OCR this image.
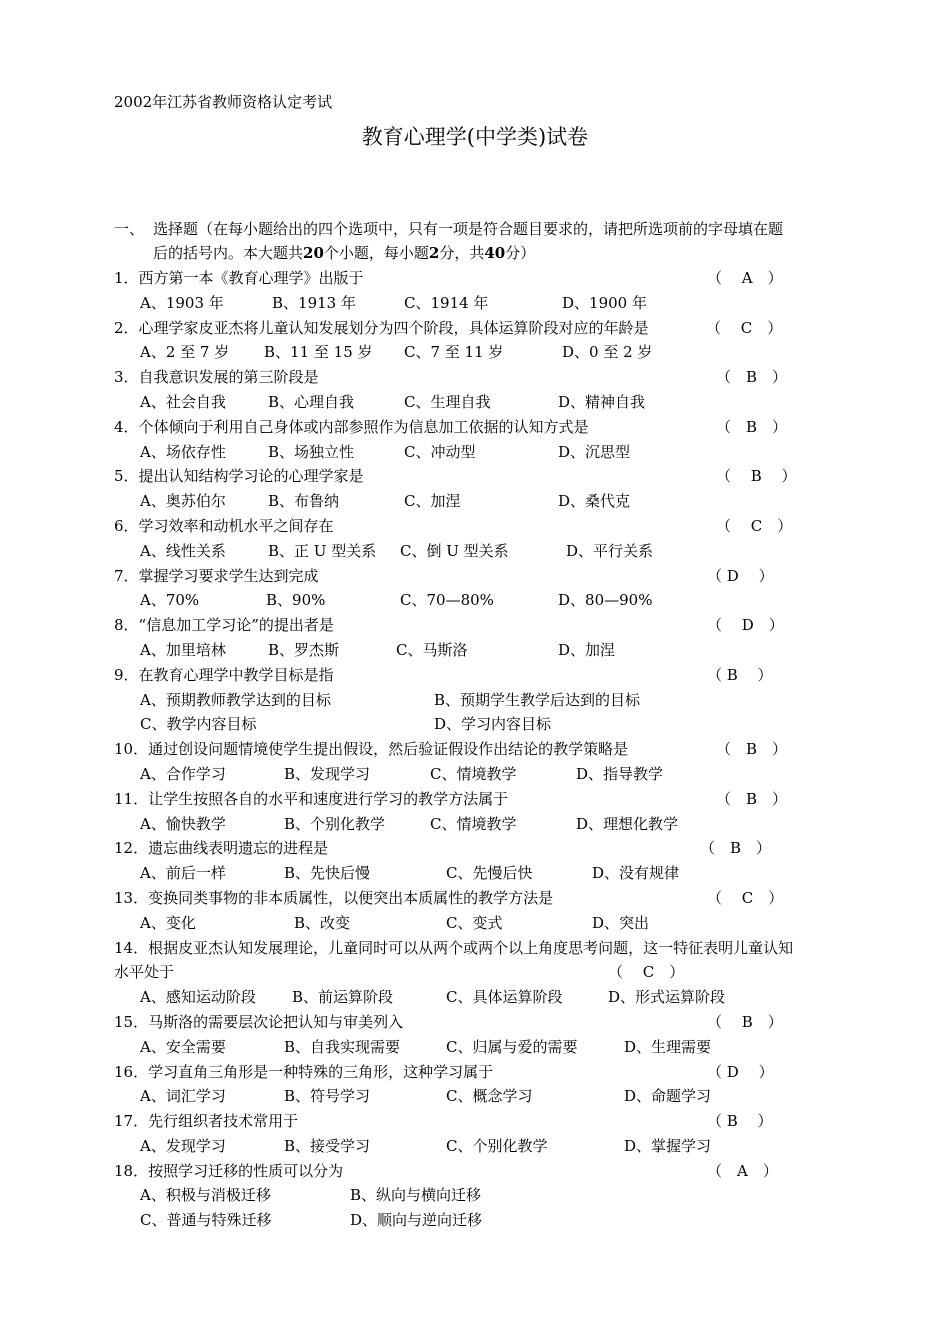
2002年江苏省教师资格认定考试
教育心理学(中学类)试卷
一、 选择题（在每小题给出的四个选项中，只有一项是符合题目要求的，请把所选项前的字母填在题
后的括号内。本大题共20个小题，每小题2分，共40分）
1．西方第一本《教育心理学》出版于	（　 A　）
A、1903 年	B、1913 年	C、1914 年	D、1900 年
2．心理学家皮亚杰将儿童认知发展划分为四个阶段，具体运算阶段对应的年龄是	（　 C　）
A、2 至 7 岁 B、11 至 15 岁 C、7 至 11 岁	D、0 至 2 岁
3．自我意识发展的第三阶段是	（　B　）
A、社会自我	B、心理自我	C、生理自我	D、精神自我
4．个体倾向于利用自己身体或内部参照作为信息加工依据的认知方式是	（　B　）
A、场依存性	B、场独立性	C、冲动型	D、沉思型
5．提出认知结构学习论的心理学家是	（　 B　 ）
A、奥苏伯尔	B、布鲁纳	C、加涅	D、桑代克
6．学习效率和动机水平之间存在	（　 C　）
A、线性关系	B、正 U 型关系 C、倒 U 型关系	D、平行关系
7．掌握学习要求学生达到完成	（ D　 ）
A、70%	B、90%	C、70—80%	D、80—90%
8．“信息加工学习论”的提出者是	（　 D　）
A、加里培林	B、罗杰斯	C、马斯洛	D、加涅
9．在教育心理学中教学目标是指	（ B　 ）
A、预期教师教学达到的目标	B、预期学生教学后达到的目标
C、教学内容目标	D、学习内容目标
10．通过创设问题情境使学生提出假设，然后验证假设作出结论的教学策略是	（　B　）
A、合作学习	B、发现学习	C、情境教学	D、指导教学
11．让学生按照各自的水平和速度进行学习的教学方法属于	（　B　）
A、愉快教学	B、个别化教学	C、情境教学	D、理想化教学
12．遗忘曲线表明遗忘的进程是	（　B　）
A、前后一样	B、先快后慢	C、先慢后快	D、没有规律
13．变换同类事物的非本质属性，以便突出本质属性的教学方法是	（　 C　）
A、变化	B、改变	C、变式	D、突出
14．根据皮亚杰认知发展理论，儿童同时可以从两个或两个以上角度思考问题，这一特征表明儿童认知
水平处于	（　 C　）
A、感知运动阶段 B、前运算阶段	C、具体运算阶段	D、形式运算阶段
15．马斯洛的需要层次论把认知与审美列入	（　 B　）
A、安全需要	B、自我实现需要	C、归属与爱的需要	D、生理需要
16．学习直角三角形是一种特殊的三角形，这种学习属于	（ D　 ）
A、词汇学习	B、符号学习	C、概念学习	D、命题学习
17．先行组织者技术常用于	（ B　 ）
A、发现学习	B、接受学习	C、个别化教学	D、掌握学习
18．按照学习迁移的性质可以分为	（　A　）
A、积极与消极迁移	B、纵向与横向迁移
C、普通与特殊迁移	D、顺向与逆向迁移
